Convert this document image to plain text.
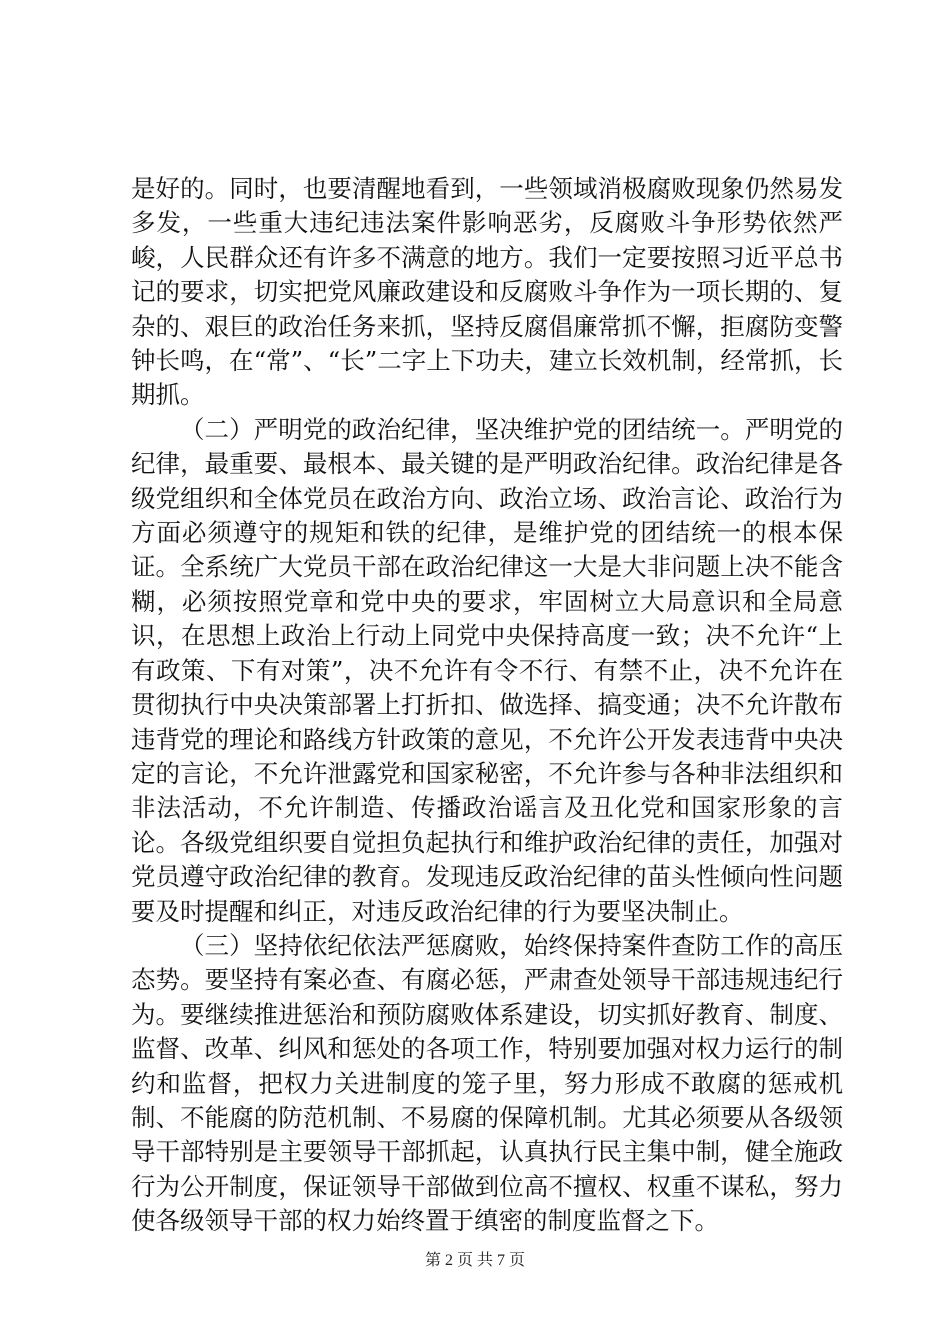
是好的。同时，也要清醒地看到，一些领域消极腐败现象仍然易发多发，一些重大违纪违法案件影响恶劣，反腐败斗争形势依然严峻，人民群众还有许多不满意的地方。我们一定要按照习近平总书记的要求，切实把党风廉政建设和反腐败斗争作为一项长期的、复杂的、艰巨的政治任务来抓，坚持反腐倡廉常抓不懈，拒腐防变警钟长鸣，在“常”、“长”二字上下功夫，建立长效机制，经常抓，长期抓。

（二）严明党的政治纪律，坚决维护党的团结统一。严明党的纪律，最重要、最根本、最关键的是严明政治纪律。政治纪律是各级党组织和全体党员在政治方向、政治立场、政治言论、政治行为方面必须遵守的规矩和铁的纪律，是维护党的团结统一的根本保证。全系统广大党员干部在政治纪律这一大是大非问题上决不能含糊，必须按照党章和党中央的要求，牢固树立大局意识和全局意识，在思想上政治上行动上同党中央保持高度一致；决不允许“上有政策、下有对策”，决不允许有令不行、有禁不止，决不允许在贯彻执行中央决策部署上打折扣、做选择、搞变通；决不允许散布违背党的理论和路线方针政策的意见，不允许公开发表违背中央决定的言论，不允许泄露党和国家秘密，不允许参与各种非法组织和非法活动，不允许制造、传播政治谣言及丑化党和国家形象的言论。各级党组织要自觉担负起执行和维护政治纪律的责任，加强对党员遵守政治纪律的教育。发现违反政治纪律的苗头性倾向性问题要及时提醒和纠正，对违反政治纪律的行为要坚决制止。

（三）坚持依纪依法严惩腐败，始终保持案件查防工作的高压态势。要坚持有案必查、有腐必惩，严肃查处领导干部违规违纪行为。要继续推进惩治和预防腐败体系建设，切实抓好教育、制度、监督、改革、纠风和惩处的各项工作，特别要加强对权力运行的制约和监督，把权力关进制度的笼子里，努力形成不敢腐的惩戒机制、不能腐的防范机制、不易腐的保障机制。尤其必须要从各级领导干部特别是主要领导干部抓起，认真执行民主集中制，健全施政行为公开制度，保证领导干部做到位高不擅权、权重不谋私，努力使各级领导干部的权力始终置于缜密的制度监督之下。

第 2 页 共 7 页
